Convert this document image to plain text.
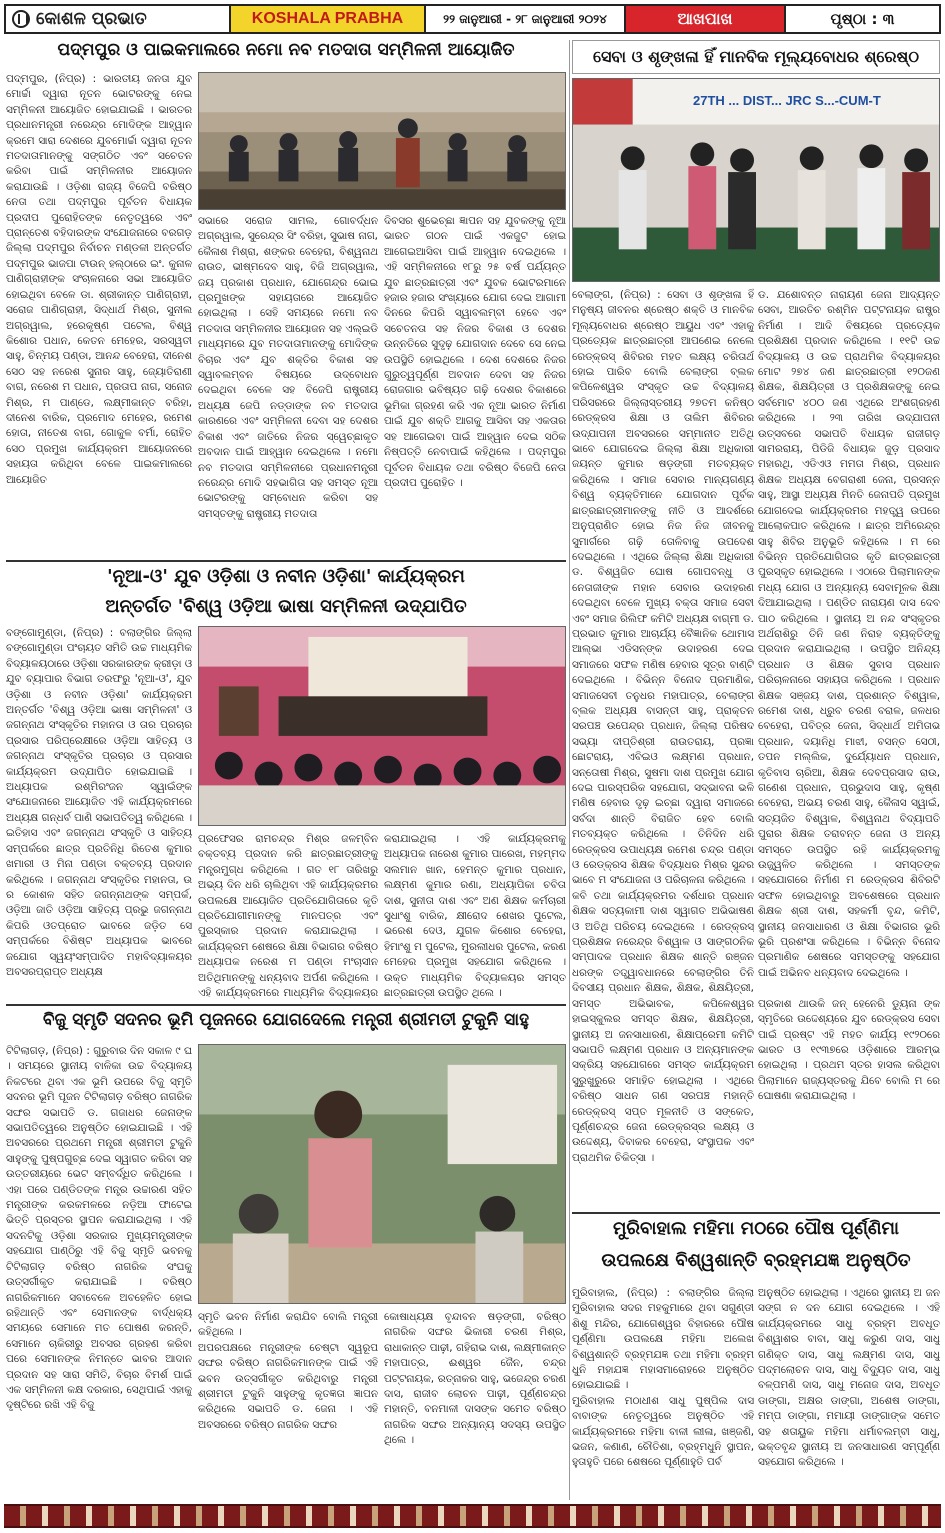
କୋଶଳ ପ୍ରଭାତ	KOSHALA PRABHA	୨୨ ଜାନୁଆରୀ - ୨୮ ଜାନୁଆରୀ ୨୦୨୪	ଆଖପାଖ	ପୃଷ୍ଠା : ୩
ପଦ୍ମପୁର ଓ ପାଇକମାଲରେ ନମୋ ନବ ମତଦାତା ସମ୍ମିଳନୀ ଆୟୋଜିତ
ପଦ୍ମପୁର, (ନିପ୍ର) : ଭାରତୀୟ ଜନତା ଯୁବ ମୋର୍ଚ୍ଚା ଦ୍ୱାରା ନୂତନ ଭୋଟରଙ୍କୁ ନେଇ ସମ୍ମିଳନୀ ଆୟୋଜିତ ହୋଇଯାଇଛି । ଭାରତର ପ୍ରଧାନମନ୍ତ୍ରୀ ନରେନ୍ଦ୍ର ମୋଦିଙ୍କ ଆହ୍ୱାନ କ୍ରମେ ସାରା ଦେଶରେ ଯୁବମୋର୍ଚ୍ଚା ଦ୍ୱାରା ନୂତନ ମତଦାତାମାନଙ୍କୁ ସଙ୍ଗଠିତ ଏବଂ ସଚେତନ କରିବା ପାଇଁ ସମ୍ମିଳନୀର ଆୟୋଜନ କରାଯାଉଛି । ଓଡ଼ିଶା ରାଜ୍ୟ ବିଜେପି ବରିଷ୍ଠ ନେତା ତଥା ପଦ୍ମପୁର ପୂର୍ବତନ ବିଧାୟକ ପ୍ରଦୀପ ପୁରୋହିତଙ୍କ ନେତୃତ୍ୱରେ ଏବଂ ପ୍ରାନ୍ତେଶ ବହିଦାରଙ୍କ ସଂଯୋଜନାରେ ବରଗଡ଼ ଜିଲ୍ଲା ପଦ୍ମପୁର ନିର୍ବାଚନ ମଣ୍ଡଳୀ ଅନ୍ତର୍ଗତ ପଦ୍ମପୁର ଭାଜପା ଟାଉନ୍ ହଲ୍‌ଠାରେ ଇଂ. କୁନାଳ ପାଣିଗ୍ରାହୀଙ୍କ ସଂଚାଳନାରେ ସଭା ଆୟୋଜିତ ହୋଇଥିବା ବେଳେ ଡା. ଶ୍ରୀକାନ୍ତ ପାଣିଗ୍ରାହୀ, ସରୋଜ ପାଣିଗ୍ରାହୀ, ସିଦ୍ଧାର୍ଥ ମିଶ୍ର, ସୁନୀଲ ଅଗ୍ରୱାଲ, ହରେକୃଷ୍ଣ ପଟେଲ, ବିଶ୍ୱ କିଶୋର ପଧାନ, କେତନ ମେହେର, ସରସ୍ୱତୀ ସାହୁ, ଚିନ୍ମୟ ପଣ୍ଡା, ଆନନ୍ଦ ବେହେରା, ଦୀନେଶ ସେଠ ସହ ନରେଶ ସୁନାର ସାହୁ, ଜ୍ୟୋତିରାଣୀ ବାଗ, ନରେଶ ମ ପଧାନ, ପ୍ରତାପ ନାଗ, ସନୋଜ ମିଶ୍ର, ମ ପାଣ୍ଡେ, ଲକ୍ଷ୍ମୀକାନ୍ତ ବରିହା, ଦୀନେଶ ବାରିକ, ପ୍ରମୋଦ ମେହେର, ରମେଶ ହୋତା, ନୀତେଶ ବାଗ, ଗୋକୁଳ ବର୍ମା, ରୋହିତ ସେଠ ପ୍ରମୁଖ କାର୍ଯ୍ୟକ୍ରମ ଆୟୋଜନରେ ସହାୟତା କରିଥିବା ବେଳେ ପାଇକମାଲରେ ଆୟୋଜିତ
ସଭାରେ ସରୋଜ ସାମଲ, ଗୋବର୍ଦ୍ଧନ ଅଗ୍ରୱାଲ, ସୁରେନ୍ଦ୍ର ସିଂ ବରିହା, ସୁଭାଷ ନାଗ, କୈଳାଶ ମିଶ୍ରା, ଶଙ୍କର ବେହେରା, ବିଶ୍ୱନାଥ ରାଉତ, ଭୀଷ୍ମଦେବ ସାହୁ, ବିଜି ଅଗ୍ରୱାଲ, ଜୟ ପ୍ରକାଶ ପ୍ରଧାନ, ଯୋଗେନ୍ଦ୍ର ଭୋଇ ପ୍ରମୁଖଙ୍କ ସହାୟତାରେ ଆୟୋଜିତ ହୋଇଥିଲା । ସେହି ସମୟରେ ନମୋ ନବ ମତଦାତା ସମ୍ମିଳନୀର ଆୟୋଜନ ସହ ଏଲ୍‌ଇଡି ମାଧ୍ୟମରେ ଯୁବ ମତଦାତାମାନଙ୍କୁ ମୋଦିଙ୍କ ବିଚାର ଏବଂ ଯୁବ ଶକ୍ତିର ବିକାଶ ସହ ସ୍ୱାବଲମ୍ବନ ବିଷୟରେ ଉଦ୍‌ବୋଧନ ଦେଇଥିବା ବେଳେ ସହ ବିଜେପି ରାଷ୍ଟ୍ରୀୟ ଅଧ୍ୟକ୍ଷ ଜେପି ନଡ୍ଡାଙ୍କ ନବ ମତଦାତା କାରଣରେ ଏବଂ ସମ୍ମିଳନୀ ଦେବା ସହ ଦେଶର ବିକାଶ ଏବଂ ଜାତିରେ ନିଜର ସ୍ୱେଚ୍ଛାକୃତ ଅବଦାନ ପାଇଁ ଆହ୍ୱାନ ଦେଇଥିଲେ । ନମୋ ନବ ମତଦାତା ସମ୍ମିଳନୀରେ ପ୍ରଧାନମନ୍ତ୍ରୀ ନରେନ୍ଦ୍ର ମୋଦି ସହଭାଗିତା ସହ ସମସ୍ତ ନୂଆ ଭୋଟରଙ୍କୁ ସମ୍ବୋଧନ କରିବା ସହ ସମସ୍ତଙ୍କୁ ରାଷ୍ଟ୍ରୀୟ ମତଦାତା
ଦିବସର ଶୁଭେଚ୍ଛା ଜ୍ଞାପନ ସହ ଯୁବକଙ୍କୁ ନୂଆ ଭାରତ ଗଠନ ପାଇଁ ଏକଜୁଟ ହୋଇ ଆଗେଇଆସିବା ପାଇଁ ଆହ୍ୱାନ ଦେଇଥିଲେ । ଏହି ସମ୍ମିଳନୀରେ ୧୮ରୁ ୨୫ ବର୍ଷ ପର୍ଯ୍ୟନ୍ତ ଯୁବ ଛାତ୍ରଛାତ୍ରୀ ଏବଂ ଯୁବକ ଭୋଟରମାନେ ହଜାର ହଜାର ସଂଖ୍ୟାରେ ଯୋଗ ଦେଇ ଆଗାମୀ ଦିନରେ କିପରି ସ୍ୱାବଲମ୍ବୀ ହେବେ ଏବଂ ସଚେତନତା ସହ ନିଜର ବିକାଶ ଓ ଦେଶର ଉନ୍ନତିରେ ସୁଦୃଢ଼ ଯୋଗଦାନ ଦେବେ ସେ ନେଇ ଉପସ୍ଥିତି ହୋଇଥିଲେ । ଦେଶ ଦେଶରେ ନିଜର ଗୁରୁତ୍ୱପୂର୍ଣ୍ଣ ଅବଦାନ ଦେବା ସହ ନିଜର ରୋଜଗାର ଭବିଷ୍ୟତ ଗଢ଼ି ଦେଶର ବିକାଶରେ ଭୂମିକା ଗ୍ରହଣ କରି ଏକ ନୂଆ ଭାରତ ନିର୍ମାଣ ପାଇଁ ଯୁବ ଶକ୍ତି ଆଗକୁ ଆସିବା ସହ ଏକତାର ସହ ଆଗେଇବା ପାଇଁ ଆହ୍ୱାନ ଦେଇ ସଠିକ ନିଷ୍ପତ୍ତି ନେବାପାଇଁ କହିଥିଲେ । ପଦ୍ମପୁର ପୂର୍ବତନ ବିଧାୟକ ତଥା ବରିଷ୍ଠ ବିଜେପି ନେତା ପ୍ରଦୀପ ପୁରୋହିତ ।
'ନୂଆ-ଓ' ଯୁବ ଓଡ଼ିଶା ଓ ନବୀନ ଓଡ଼ିଶା' କାର୍ଯ୍ୟକ୍ରମ
ଅନ୍ତର୍ଗତ 'ବିଶ୍ୱ ଓଡ଼ିଆ ଭାଷା ସମ୍ମିଳନୀ ଉଦ୍‌ଯାପିତ
ବଙ୍ଗୋମୁଣ୍ଡା, (ନିପ୍ର) : ବଲାଙ୍ଗିର ଜିଲ୍ଲା ବଙ୍ଗୋମୁଣ୍ଡା ପଂଚାୟତ ସମିତି ଉଚ୍ଚ ମାଧ୍ୟମିକ ବିଦ୍ୟାଳୟଠାରେ ଓଡ଼ିଶା ସରକାରଙ୍କ କ୍ରୀଡ଼ା ଓ ଯୁବ ବ୍ୟାପାର ବିଭାଗ ତରଫରୁ 'ନୂଆ-ଓ', ଯୁବ ଓଡ଼ିଶା ଓ ନବୀନ ଓଡ଼ିଶା' କାର୍ଯ୍ୟକ୍ରମ ଅନ୍ତର୍ଗତ 'ବିଶ୍ୱ ଓଡ଼ିଆ ଭାଷା ସମ୍ମିଳନୀ' ଓ ଜଗନ୍ନାଥ ସଂସ୍କୃତିର ମହାନତା ଓ ତାର ପ୍ରଚାର ପ୍ରସାର ପରିପ୍ରେକ୍ଷୀରେ ଓଡ଼ିଆ ସାହିତ୍ୟ ଓ ଜଗନ୍ନାଥ ସଂସ୍କୃତିର ପ୍ରଚାର ଓ ପ୍ରସାର କାର୍ଯ୍ୟକ୍ରମ ଉଦ୍‌ଯାପିତ ହୋଇଯାଇଛି । ଅଧ୍ୟାପକ ରଶ୍ମିରଂଜନ ସ୍ୱାଇଁଙ୍କ ସଂଯୋଜନାରେ ଆୟୋଜିତ ଏହି କାର୍ଯ୍ୟକ୍ରମରେ ଅଧ୍ୟକ୍ଷ ଗନ୍ଧର୍ବ ପାଣି ସଭାପତିତ୍ୱ କରିଥିଲେ । ଇତିହାସ ଏବଂ ଜଗନ୍ନାଥ ସଂସ୍କୃତି ଓ ସାହିତ୍ୟ ସମ୍ପର୍କରେ ଛାତ୍ର ପ୍ରତିନିଧି ରିତେଶ କୁମାର ଖମାରୀ ଓ ମିନା ପଣ୍ଡା ବକ୍ତବ୍ୟ ପ୍ରଦାନ କରିଥିଲେ । ଜଗନ୍ନାଥ ସଂସ୍କୃତିର ମହାନତା, ଉ ର କୋଶଳ ସହିତ ଜଗନ୍ନାଥଙ୍କ ସମ୍ପର୍କ, ଓଡ଼ିଆ ଜାତି ଓଡ଼ିଆ ସାହିତ୍ୟ ପ୍ରଭୁ ଜଗନ୍ନାଥ କିପରି ଓତପ୍ରୋତ ଭାବରେ ଜଡ଼ିତ ସେ ସମ୍ପର୍କରେ ବିଶିଷ୍ଟ ଅଧ୍ୟାପକ ଭାବରେ ଜଯୋଗ ସ୍ୱୟଂସମ୍ପାଦିତ ମହାବିଦ୍ୟାଳୟର ଅବସରପ୍ରାପ୍ତ ଅଧ୍ୟକ୍ଷ
ପ୍ରଫେସର ରାମଚନ୍ଦ୍ର ମିଶ୍ର ଜଳମ୍ବିନ ବକ୍ତବ୍ୟ ପ୍ରଦାନ କରି ଛାତ୍ରଛାତ୍ରୀଙ୍କୁ ମନ୍ତ୍ରମୁଗ୍ଧ କରିଥିଲେ । ଗତ ୧୮ ତାରିଖରୁ ଅଭ୍ୟ ଦିନ ଧରି ଚାଲିଥିବା ଏହି କାର୍ଯ୍ୟକ୍ରମର ଉପଲକ୍ଷେ ଆୟୋଜିତ ପ୍ରତିଯୋଗିତାରେ କୃତି ପ୍ରତିଯୋଗୀମାନଙ୍କୁ ମାନପତ୍ର ଏବଂ ପୁରସ୍କାର ପ୍ରଦାନ କରାଯାଇଥିଲା । କାର୍ଯ୍ୟକ୍ରମ ଶେଷରେ ଶିକ୍ଷା ବିଭାଗର ବରିଷ୍ଠ ଅଧ୍ୟାପକ ନରେଶ ମ ପଣ୍ଡା ମଂଚାସୀନ ଅତିଥିମାନଙ୍କୁ ଧନ୍ୟବାଦ ଅର୍ପଣ କରିଥିଲେ । ଏହି କାର୍ଯ୍ୟକ୍ରମରେ ମାଧ୍ୟମିକ ବିଦ୍ୟାଳୟର
କରାଯାଇଥିଲା । ଏହି କାର୍ଯ୍ୟକ୍ରମକୁ ଅଧ୍ୟାପକ ନାରେଶ କୁମାର ପାରେଖ, ମହମ୍ମଦ ସଲମାନ ଖାନ, ହେମନ୍ତ କୁମାର ପ୍ରଧାନ, ଲକ୍ଷ୍ମଣ କୁମାର ରଣା, ଅଧ୍ୟାପିକା ଚବିତା ଦାଶ, ସୁନୀତା ଦାଶ ଏବଂ ଅଣ ଶିକ୍ଷକ କର୍ମଚାରୀ ସୁଧାଂଶୁ ବାରିକ, କ୍ଷୀରୋଦ ଶେଖର ପୁଟେଲ, ଭରେଶ ଦେଓ, ଯୁଗଳ କିଶୋର ବେହେରା, ହିମାଂଶୁ ମ ପୁଟେଲ, ମୁରଲୀଧର ପୁଟେଲ, କରଣ ମେହେର ପ୍ରମୁଖ ସହଯୋଗ କରିଥିଲେ । ଉକ୍ତ ମାଧ୍ୟମିକ ବିଦ୍ୟାଳୟର ସମସ୍ତ ଛାତ୍ରଛାତ୍ରୀ ଉପସ୍ଥିତ ଥିଲେ ।
ବିଜୁ ସ୍ମୃତି ସଦନର ଭୂମି ପୂଜନରେ ଯୋଗଦେଲେ ମନ୍ତ୍ରୀ ଶ୍ରୀମତୀ ଟୁକୁନି ସାହୁ
ଟିଟିଲାଗଡ଼, (ନିପ୍ର) : ଗୁରୁବାର ଦିନ ସକାଳ ୯ ଘ । ସମୟରେ ସ୍ଥାନୀୟ ବାଳିକା ଉଚ୍ଚ ବିଦ୍ୟାଳୟ ନିକଟରେ ଥିବା ଏକ ଭୂମି ଉପରେ ବିଜୁ ସ୍ମୃତି ସଦନର ଭୂମି ପୂଜନ ଟିଟିଲାଗଡ଼ ବରିଷ୍ଠ ନାଗରିକ ସଙ୍ଘର ସଭାପତି ଡ. ଗଜାଧର ଜେନାଙ୍କ ସଭାପତିତ୍ୱରେ ଅନୁଷ୍ଠିତ ହୋଇଯାଇଛି । ଏହି ଅବସରରେ ପ୍ରଥମେ ମନ୍ତ୍ରୀ ଶ୍ରୀମତୀ ଟୁକୁନି ସାହୁଙ୍କୁ ପୁଷ୍ପଗୁଚ୍ଛ ଦେଇ ସ୍ୱାଗତ କରିବା ସହ ଉତ୍ତରୀୟରେ ଭେଟ ସମ୍ବର୍ଦ୍ଧିତ କରିଥିଲେ । ଏହା ପରେ ପଣ୍ଡିତଙ୍କ ମନ୍ତ୍ର ଉଚ୍ଚାରଣ ସହିତ ମନ୍ତ୍ରୀଙ୍କ କରକମଳରେ ନଡ଼ିଆ ଫାଟେଇ ଭିତ୍ତି ପ୍ରସ୍ତର ସ୍ଥାପନ କରାଯାଇଥିଲା । ଏହି ସଦନଟିକୁ ଓଡ଼ିଶା ସରକାର ମୁଖ୍ୟମନ୍ତ୍ରୀଙ୍କ ସହଯୋଗ ପାଣ୍ଠିରୁ ଏହି ବିଜୁ ସ୍ମୃତି ଭବନକୁ ଟିଟିଲାଗଡ଼ ବରିଷ୍ଠ ନାଗରିକ ସଂଘକୁ ଉତ୍ସର୍ଗୀକୃତ କରାଯାଇଛି । ବରିଷ୍ଠ ନାଗରିକମାନେ ସବାବେଳେ ଅବହେଳିତ ହୋଇ ରହିଥାନ୍ତି ଏବଂ ସେମାନଙ୍କ ବାର୍ଦ୍ଧକ୍ୟ ସମୟରେ ସେମାନେ ମତ ପୋଷଣ କରନ୍ତି, ସେମାନେ ଚାକିରୀରୁ ଅବସର ଗ୍ରହଣ କରିବା ପରେ ସେମାନଙ୍କ ନିମନ୍ତେ ଭାବର ଆଦାନ ପ୍ରଦାନ ସହ ସାରା ସମିତି, ବିଚାର ବିମର୍ଶ ପାଇଁ ଏକ ସମ୍ମିଳନୀ କକ୍ଷ ଦରକାର, ସେଥିପାଇଁ ଏହାକୁ ଦୃଷ୍ଟିରେ ରଖି ଏହି ବିଜୁ
ସ୍ମୃତି ଭବନ ନିର୍ମାଣ କରାଯିବ ବୋଲି ମନ୍ତ୍ରୀ କହିଥିଲେ ।
ଅପରପକ୍ଷରେ ମନ୍ତ୍ରୀଙ୍କ ଚେଷ୍ଟା ସ୍ୱରୂପ ସଙ୍ଘର ବରିଷ୍ଠ ନାଗରିକମାନଙ୍କ ପାଇଁ ଏହି ଭବନ ଉତ୍ସର୍ଗୀକୃତ କରିଥିବାରୁ ମନ୍ତ୍ରୀ ଶ୍ରୀମତୀ ଟୁକୁନି ସାହୁଙ୍କୁ କୃତଜ୍ଞତା ଜ୍ଞାପନ କରିଥିଲେ ସଭାପତି ଡ. ଜେନା । ଏହି ଅବସରରେ ବରିଷ୍ଠ ନାଗରିକ ସଙ୍ଘର
କୋଷାଧ୍ୟକ୍ଷ ବୃନ୍ଦାବନ ଷଡ଼ଙ୍ଗୀ, ବରିଷ୍ଠ ନାଗରିକ ସଙ୍ଘର ଭିକାରୀ ଚରଣ ମିଶ୍ର, ରାଧାକାନ୍ତ ପାଢ଼ୀ, ଗହିରାଭ ଦାଶ, ଲକ୍ଷ୍ମୀକାନ୍ତ ମହାପାତ୍ର, ଈଶ୍ୱର ଜୈନ, ଚନ୍ଦ୍ର ପଟ୍ଟନାୟକ, ରତ୍ନାକର ସାହୁ, ଭଜେନ୍ଦ୍ର ଚରଣ ଦାସ, ରାଜୀବ ଲୋଚନ ପାଢ଼ୀ, ପୂର୍ଣ୍ଣଚନ୍ଦ୍ର ମହାନ୍ତି, ବନମାଳୀ ଦାସଙ୍କ ସମେତ ବରିଷ୍ଠ ନାଗରିକ ସଙ୍ଘର ଅନ୍ୟାନ୍ୟ ସଦସ୍ୟ ଉପସ୍ଥିତ ଥିଲେ ।
ସେବା ଓ ଶୃଙ୍ଖଳା ହିଁ ମାନବିକ ମୂଲ୍ୟବୋଧର ଶ୍ରେଷ୍ଠ
27TH ... DIST... JRC S...-CUM-T
ବେଲାଙ୍ଗ, (ନିପ୍ର) : ସେବା ଓ ଶୃଙ୍ଖଳା ହିଁ ମନୁଷ୍ୟ ଜୀବନର ଶ୍ରେଷ୍ଠ ଶକ୍ତି ଓ ମାନବିକ ମୂଲ୍ୟବୋଧର ଶ୍ରେଷ୍ଠ ଆୟୁଧ ଏବଂ ଏହାକୁ ପ୍ରତ୍ୟେକ ଛାତ୍ରଛାତ୍ରୀ ଆପଣେଇ ନେଲେ ରେଡ୍‌କ୍ରସ୍ ଶିବିରର ମହତ ଲକ୍ଷ୍ୟ ଚରିତାର୍ଥ ହୋଇ ପାରିବ ବୋଲି ବେଲାଙ୍ଗ ବ୍ଲକ କପିଳେଶ୍ୱର ସଂସ୍କୃତ ଉଚ୍ଚ ବିଦ୍ୟାଳୟ ପରିସରରେ ଜିଲ୍ଲାସ୍ତରୀୟ ୨୭ତମ କନିଷ୍ଠ ରେଡ୍‌କ୍ରସ ଶିକ୍ଷା ଓ ତାଲିମ ଶିବିରର ଉଦ୍‌ଯାପନୀ ଅବସରରେ ସମ୍ମାନୀତ ଅତିଥି ଭାବେ ଯୋଗଦେଇ ଜିଲ୍ଲା ଶିକ୍ଷା ଅଧିକାରୀ ଜୟନ୍ତ କୁମାର ଷଡ଼ଙ୍ଗୀ ମତବ୍ୟକ୍ତ କରିଥିଲେ । ସମାଜ ସେବାର ମାନ୍ୟଗଣ୍ୟ ବିଶ୍ୱ ବ୍ୟକ୍ତିମାନେ ଯୋଗଦାନ ପୂର୍ବକ ଛାତ୍ରଛାତ୍ରୀମାନଙ୍କୁ ନୀତି ଓ ଆଦର୍ଶରେ ଅନୁପ୍ରାଣିତ ହୋଇ ନିଜ ନିଜ ଜୀବନକୁ ସୁମାର୍ଗରେ ଗଢ଼ି ତୋଳିବାକୁ ଉପଦେଶ ଦେଇଥିଲେ । ଏଥିରେ ଜିଲ୍ଲା ଶିକ୍ଷା ଅଧିକାରୀ ଡ. ବିଶ୍ୱଜିତ ଘୋଷ ଗୋପବନ୍ଧୁ ଓ ନେତାଜୀଙ୍କ ମହାନ ସେବାର ଉଦାହରଣ ଦେଇଥିବା ବେଳେ ମୁଖ୍ୟ ବକ୍ତା ସମାଜ ସେବୀ ଏବଂ ସମାଜ ରିଲିଫ କମିଟି ଅଧ୍ୟକ୍ଷ ବାଗ୍ମୀ ଡ. ପ୍ରଭାତ କୁମାର ଆଚାର୍ଯ୍ୟ ବୈଜ୍ଞାନିକ ଥୋମାସ ଆଲ୍‌ଭା ଏଡିସନ୍‌ଙ୍କ ଉଦାହରଣ ଦେଇ ସମାଜରେ ସଫଳ ମଣିଷ ହେବାର ସୂତ୍ର ବାଣ୍ଟି ଦେଇଥିଲେ । ବିଭିନ୍ନ ବିନୋଦ ପ୍ରମାଣିକ, ସମାଜସେବୀ ତନୁଧର ମହାପାତ୍ର, ବେଲାଙ୍ଗ ବ୍ଲକ ଅଧ୍ୟକ୍ଷ ବାସନ୍ତୀ ସାହୁ, ପ୍ରାକ୍ତନ ସରପଞ୍ଚ ଉପେନ୍ଦ୍ର ପ୍ରଧାନ, ଜିଲ୍ଲା ପରିଷଦ ସଭ୍ୟା ଦୀପ୍ତିଶ୍ରୀ ରାଉତରାୟ, ପ୍ରଜ୍ଞା ଛୋଟରାୟ, ଏବିଇଓ ଲକ୍ଷ୍ମଣ ପ୍ରଧାନ, ସନ୍ତୋଷୀ ମିଶ୍ର, ସୁଷମା ଦାଶ ପ୍ରମୁଖ ଯୋଗ ଦେଇ ପାରସ୍ପରିକ ସହଯୋଗ, ସଦ୍‌ଭାବନା ଭଳି ମଣିଷ ହେବାର ଦୃଢ଼ ଇଚ୍ଛା ଦ୍ୱାରା ସମାଜରେ ସର୍ବଦା ଶାନ୍ତି ବିରାଜିତ ହେବ ବୋଲି ମତବ୍ୟକ୍ତ କରିଥିଲେ । ତିନିଦିନ ଧରି ରେଡ୍‌କ୍ରସ ଉପାଧ୍ୟକ୍ଷ ରମେଶ ଚନ୍ଦ୍ର ପଣ୍ଡା ଓ ରେଡ୍‌କ୍ରସ ଶିକ୍ଷକ ବିଦ୍ୟାଧର ମିଶ୍ର ସୁନ୍ଦର ଭାବେ ମ ସଂଯୋଜନା ଓ ପରିଚାଳନା କରିଥିଲେ । କବି ତଥା କାର୍ଯ୍ୟକ୍ରମର ଦର୍ଶଧାର ପ୍ରଧାନ ଶିକ୍ଷକ ସତ୍ୟକାମୀ ଦାଶ ସ୍ୱାଗତ ଅଭିଭାଷଣ ଓ ଅତିଥି ପରିଚୟ ଦେଇଥିଲେ । ରେଡ୍‌କ୍ରସ୍ ପ୍ରଶିକ୍ଷକ ନରେନ୍ଦ୍ର ବିଶ୍ୱାଳ ଓ ସାଙ୍ଗଠନିକ ସମ୍ପାଦକ ପ୍ରଧାନ ଶିକ୍ଷକ ଶାନ୍ତି ରଞ୍ଜନ ଧରଙ୍କ ତତ୍ତ୍ୱାବଧାନରେ ବେଲାଙ୍ଗିର ତିନି ଦିବସୀୟ ପ୍ରଧାନ ଶିକ୍ଷକ, ଶିକ୍ଷକ, ଶିକ୍ଷୟିତ୍ରୀ, ସମସ୍ତ ଅଭିଭାବକ, କପିଳେଶ୍ୱର ହାଇସ୍କୁଲର ସମସ୍ତ ଶିକ୍ଷକ, ଶିକ୍ଷୟିତ୍ରୀ, ସ୍ଥାନୀୟ ଅ ଜନସାଧାରଣ, ଶିକ୍ଷାପ୍ରେମୀ କମିଟି ସଭାପତି ଲକ୍ଷ୍ମଣ ପ୍ରଧାନ ଓ ଅନ୍ୟମାନଙ୍କ ସକ୍ରିୟ ସହଯୋଗରେ ସମସ୍ତ କାର୍ଯ୍ୟକ୍ରମ ସୁରୁଖୁରୁରେ ସମାହିତ ହୋଇଥିଲା । ଏଥିରେ ବରିଷ୍ଠ ସାଧନ ଗଣ ସରପଞ୍ଚ ମହାନ୍ତି ରେଡ୍‌କ୍ରସ୍ ସପ୍ତ ମୂଳନୀତି ଓ ସଙ୍କେତ, ପୂର୍ଣ୍ଣଚନ୍ଦ୍ର ଜେନା ରେଡ୍‌କ୍ରସ୍‌ର ଲକ୍ଷ୍ୟ ଓ ଉଦ୍ଦେଶ୍ୟ, ଦିବାକର ବେହେରା, ସଂସ୍ଥାପକ ଏବଂ ପ୍ରାଥମିକ ଚିକିତ୍ସା ।
ଡ. ଯଶୋବନ୍ତ ନାରାୟଣ ଜେନା ଆଦ୍ୟନ୍ତ ସେବା, ଆରତିଚ ରଶ୍ମିନ ପଟ୍ଟନାୟକ ରାଷ୍ଟ୍ର ନିର୍ମାଣ । ଆଦି ବିଷୟରେ ପ୍ରତ୍ୟେକ ପ୍ରଶିକ୍ଷଣ ପ୍ରଦାନ କରିଥିଲେ । ୧୧ଟି ଉଚ୍ଚ ବିଦ୍ୟାଳୟ ଓ ଉଚ୍ଚ ପ୍ରାଥମିକ ବିଦ୍ୟାଳୟର ମୋଟ ୨୭୪ ଜଣ ଛାତ୍ରଛାତ୍ରୀ ୧୨୦ଜଣ ଶିକ୍ଷକ, ଶିକ୍ଷୟିତ୍ରୀ ଓ ପ୍ରଶିକ୍ଷକଙ୍କୁ ନେଇ ସର୍ବମୋଟ ୪୦୦ ଜଣ ଏଥିରେ ଅଂଶଗ୍ରହଣ କରିଥିଲେ । ୨୩ ତାରିଖ ଉଦ୍‌ଯାପନୀ ଉତ୍ସବରେ ସଭାପତି ବିଧାୟକ ରାଜୀଗଡ଼ ସାମରରାୟ, ପିଡିଜି ବିଧାୟକ ଜୁଡ଼ ପ୍ରସାଦ ମହାରଥି, ଏଡିଏଓ ମମତା ମିଶ୍ର, ପ୍ରଧାନ ଶିକ୍ଷକ ଅଧ୍ୟକ୍ଷ ବେଗରାଶୀ ଜେନା, ପ୍ରସନ୍ନ ସାହୁ, ଆସ୍ଥା ଅଧ୍ୟକ୍ଷ ମିନତି ଜେନାପତି ପ୍ରମୁଖ ଯୋଗଦେଇ କାର୍ଯ୍ୟକ୍ରମର ମହତ୍ତ୍ୱ ଉପରେ ଆଲୋକପାତ କରିଥିଲେ । ଛାତ୍ର ଅମିରେନ୍ଦ୍ର ସାହୁ ଶିବିର ଅନୁଭୂତି କହିଥିଲେ । ମ ରେ ବିଭିନ୍ନ ପ୍ରତିଯୋଗିତାର କୃତି ଛାତ୍ରଛାତ୍ରୀ ପୁରସ୍କୃତ ହୋଇଥିଲେ । ଏଠାରେ ପିଲାମାନଙ୍କ ମଧ୍ୟ ଯୋଗ ଓ ଅନ୍ୟାନ୍ୟ ସେବାମୂଳକ ଶିକ୍ଷା ଦିଆଯାଇଥିଲା । ପଣ୍ଡିତ ନାରାୟଣ ଦାସ ଦେବ ପାଠ କରିଥିଲେ । ସ୍ଥାନୀୟ ଅ ନନ୍ଦ ସଂସ୍କୃତର ଅର୍ଥରାଶିରୁ ତିନି ଜଣ ନିରାହ ବ୍ୟକ୍ତିଙ୍କୁ ପ୍ରଦାନ କରାଯାଇଥିଲା । ଉପସ୍ଥିତ ଅନିନ୍ଦ୍ୟ ପ୍ରଧାନ ଓ ଶିକ୍ଷକ ସୁବାସ ପ୍ରଧାନ ପରିଚାଳନାରେ ସହାୟତା କରିଥିଲେ । ପ୍ରଧାନ ଶିକ୍ଷକ ସଞ୍ଜୟ ଦାଶ, ପ୍ରଶାନ୍ତ ବିଶ୍ୱାଳ, ରମେଶ ଦାଶ, ଧ୍ରୁବ ଚରଣ ବରାଳ, ଜଳଧର ବେହେରା, ପବିତ୍ର ଜେନା, ସିଦ୍ଧାର୍ଥ ଅମିତାଭ ପ୍ରଧାନ, ଦୟାନିଧି ମାଝୀ, ବସନ୍ତ ସେଠୀ, ତପନ ମଲ୍ଲିକ, ଦୁର୍ଯ୍ୟୋଧନ ପ୍ରଧାନ, କୃତିବାସ ଚାରିଆ, ଶିକ୍ଷକ ଦେବପ୍ରସାଦ ରାଉ, ଗଣେଶ ପ୍ରଧାନ, ପ୍ରଭୁଦାସ ସାହୁ, କୃଷ୍ଣ ବେହେରା, ଅଭୟ ଚରଣ ସାହୁ, କୈଳାସ ସ୍ୱାଇଁ, ସତ୍ୟଜିତ ବିଶ୍ୱାଳ, ବିଶ୍ୱନାଥ ବିଦ୍ୟାପତି ପୁରାର ଶିକ୍ଷକ ତରାବନ୍ତ ଜେନା ଓ ଅନ୍ୟ ସମସ୍ତେ ଉପସ୍ଥିତ ରହି କାର୍ଯ୍ୟକ୍ରମକୁ ଉଜ୍ଜ୍ୱଳିତ କରିଥିଲେ । ସମସ୍ତଙ୍କ ସହଯୋଗରେ ନିର୍ମାଣ ମ ରେଡ୍‌କ୍ରସ ଶିବିରଟି ସଫଳ ହୋଇଥିବାରୁ ଅବଶେଷରେ ପ୍ରଧାନ ଶିକ୍ଷକ ଶ୍ରୀ ଦାଶ, ସହକର୍ମୀ ବୃନ୍ଦ, କମିଟି, ସ୍ଥାନୀୟ ଜନସାଧାରଣ ଓ ଶିକ୍ଷା ବିଭାଗର ଭୂରି ଭୂରି ପ୍ରଶଂସା କରିଥିଲେ । ବିଭିନ୍ନ ବିନୋଦ ପ୍ରମାଣିକ ଶେଷରେ ସମସ୍ତଙ୍କୁ ସହଯୋଗ ପାଇଁ ଅଭିନବ ଧନ୍ୟବାଦ ଦେଇଥିଲେ ।

ପ୍ରକାଶ ଥାଉକି ଜନ୍ ହେନେରି ଡ୍ୟୁନା ଙ୍କ ସ୍ମୃତିରେ ଉଦ୍ଦେଶ୍ୟରେ ଯୁବ ରେଡ୍‌କ୍ରସ ସେବା ପାଇଁ ପ୍ରଷ୍ଟ ଏହି ମହତ କାର୍ଯ୍ୟ ୧୯୨୦ରେ ଭାରତ ଓ ୧୯୩୭ରେ ଓଡ଼ିଶାରେ ଆରମ୍ଭ ହୋଇଥିଲା । ପ୍ରଥମ ସ୍ତର ହାସଲ କରିଥିବା ପିଲାମାନେ ରାଜ୍ୟସ୍ତରକୁ ଯିବେ ବୋଲି ମ ରେ ଘୋଷଣା କରାଯାଇଥିଲା ।
ମୁରିବାହାଲ ମହିମା ମଠରେ ପୌଷ ପୂର୍ଣ୍ଣିମା
ଉପଲକ୍ଷେ ବିଶ୍ୱଶାନ୍ତି ବ୍ରହ୍ମଯଜ୍ଞ ଅନୁଷ୍ଠିତ
ମୁରିବାହାଲ, (ନିପ୍ର) : ବଲାଙ୍ଗିର ଜିଲ୍ଲା ମୁରିବାହାଲ ସଦର ମହକୁମାରେ ଥିବା ସଗୁଣ୍ଡୀ ଶିଶୁ ମନ୍ଦିର, ଯୋଗେଶ୍ୱର ବିହାରରେ ପୌଷ ପୂର୍ଣ୍ଣିମା ଉପଲକ୍ଷେ ମହିମା ଅଲେଖ ବିଶ୍ୱଶାନ୍ତି ବ୍ରହ୍ମଯଜ୍ଞ ତଥା ମହିମା ବ୍ରହ୍ମ ଧୁନି ମହାଯଜ୍ଞ ମହାସମାରୋହରେ ଅନୁଷ୍ଠିତ ହୋଇଯାଇଛି ।
ମୁରିବାହାଲ ମଠାଧୀଶ ସାଧୁ ପୁଷ୍ପିଲ ଦାସ ବାବାଙ୍କ ନେତୃତ୍ୱରେ ଅନୁଷ୍ଠିତ ଏହି କାର୍ଯ୍ୟକ୍ରମରେ ମହିମା ବାଳୀ ଲୀଳା, ଖଞ୍ଜଣି, ଭଜନ, କଣାଣ, ଚୌତିଶା, ବ୍ରହ୍ମଧୁନି ସ୍ଥାପନ, ହୁତାହୁତି ପରେ ଶେଷରେ ପୂର୍ଣ୍ଣାହୁତି ପର୍ବ
ଅନୁଷ୍ଠିତ ହୋଇଥିଲା । ଏଥିରେ ସ୍ଥାନୀୟ ଅ ଜନ ସଙ୍ଗ ନ ଦନ ଯୋଗ ଦେଇଥିଲେ । ଏହି କାର୍ଯ୍ୟକ୍ରମରେ ସାଧୁ ବ୍ରହ୍ମ ଅବଧୂତ ବିଶ୍ୱାଶର ବାବା, ସାଧୁ କରୁଣ ଦାସ, ସାଧୁ ଗଣିକ୍ତ ଦାସ, ସାଧୁ ଲକ୍ଷ୍ମଣ ଦାସ, ସାଧୁ ପଦ୍ମଲୋଚନ ଦାସ, ସାଧୁ ବିଦ୍ୟୁତ ଦାସ, ସାଧୁ ବଳ୍ପମଣି ଦାସ, ସାଧୁ ମନୋଜ ଦାସ, ଅବଧୂତ ଡାଙ୍ଗା, ଅକ୍ଷର ଡାଙ୍ଗା, ଅଶେଷ ଡାଙ୍ଗା, ମମ୍ପ ଡାଙ୍ଗା, ମମାୟୀ ଡାଙ୍ଗାଙ୍କ ସମେତ ସହ ଶତାୟୁକ ମହିମା ଧର୍ମାବଲମ୍ବୀ ସାଧୁ, ଭକ୍ତବୃନ୍ଦ ସ୍ଥାନୀୟ ଅ ଜନସାଧାରଣ ସମ୍ପୂର୍ଣ୍ଣ ସହଯୋଗ କରିଥିଲେ ।
